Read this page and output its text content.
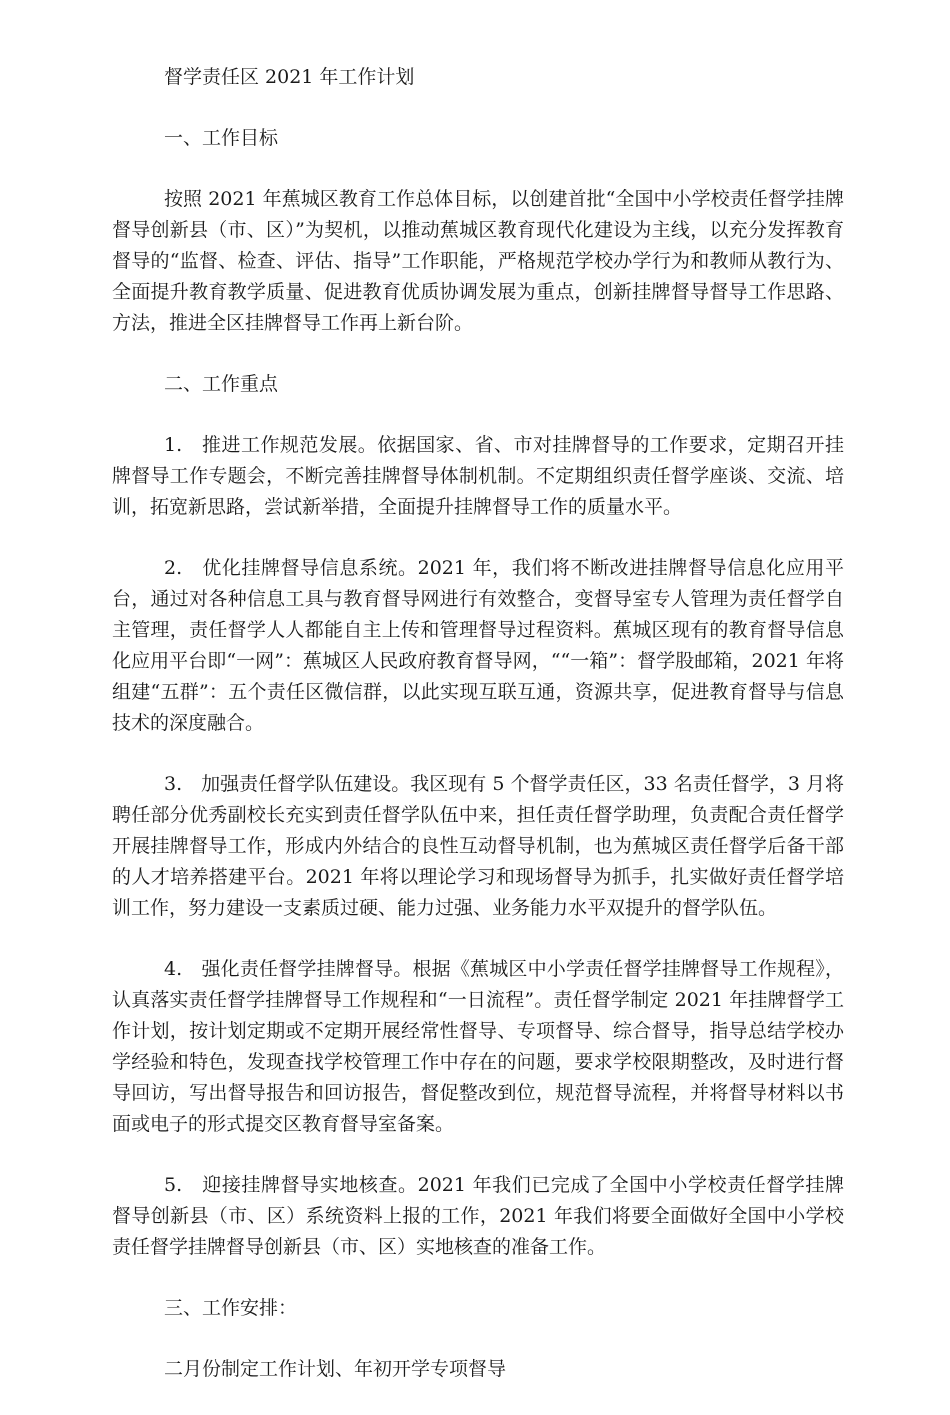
督学责任区 2021 年工作计划

一、工作目标

按照 2021 年蕉城区教育工作总体目标，以创建首批“全国中小学校责任督学挂牌督导创新县（市、区）”为契机，以推动蕉城区教育现代化建设为主线，以充分发挥教育督导的“监督、检查、评估、指导”工作职能，严格规范学校办学行为和教师从教行为、全面提升教育教学质量、促进教育优质协调发展为重点，创新挂牌督导督导工作思路、方法，推进全区挂牌督导工作再上新台阶。

二、工作重点

1.　推进工作规范发展。依据国家、省、市对挂牌督导的工作要求，定期召开挂牌督导工作专题会，不断完善挂牌督导体制机制。不定期组织责任督学座谈、交流、培训，拓宽新思路，尝试新举措，全面提升挂牌督导工作的质量水平。

2.　优化挂牌督导信息系统。2021 年，我们将不断改进挂牌督导信息化应用平台，通过对各种信息工具与教育督导网进行有效整合，变督导室专人管理为责任督学自主管理，责任督学人人都能自主上传和管理督导过程资料。蕉城区现有的教育督导信息化应用平台即“一网”：蕉城区人民政府教育督导网，““一箱”：督学股邮箱，2021 年将组建“五群”：五个责任区微信群，以此实现互联互通，资源共享，促进教育督导与信息技术的深度融合。

3.　加强责任督学队伍建设。我区现有 5 个督学责任区，33 名责任督学，3 月将聘任部分优秀副校长充实到责任督学队伍中来，担任责任督学助理，负责配合责任督学开展挂牌督导工作，形成内外结合的良性互动督导机制，也为蕉城区责任督学后备干部的人才培养搭建平台。2021 年将以理论学习和现场督导为抓手，扎实做好责任督学培训工作，努力建设一支素质过硬、能力过强、业务能力水平双提升的督学队伍。

4.　强化责任督学挂牌督导。根据《蕉城区中小学责任督学挂牌督导工作规程》，认真落实责任督学挂牌督导工作规程和“一日流程”。责任督学制定 2021 年挂牌督学工作计划，按计划定期或不定期开展经常性督导、专项督导、综合督导，指导总结学校办学经验和特色，发现查找学校管理工作中存在的问题，要求学校限期整改，及时进行督导回访，写出督导报告和回访报告，督促整改到位，规范督导流程，并将督导材料以书面或电子的形式提交区教育督导室备案。

5.　迎接挂牌督导实地核查。2021 年我们已完成了全国中小学校责任督学挂牌督导创新县（市、区）系统资料上报的工作，2021 年我们将要全面做好全国中小学校责任督学挂牌督导创新县（市、区）实地核查的准备工作。

三、工作安排：

二月份制定工作计划、年初开学专项督导
